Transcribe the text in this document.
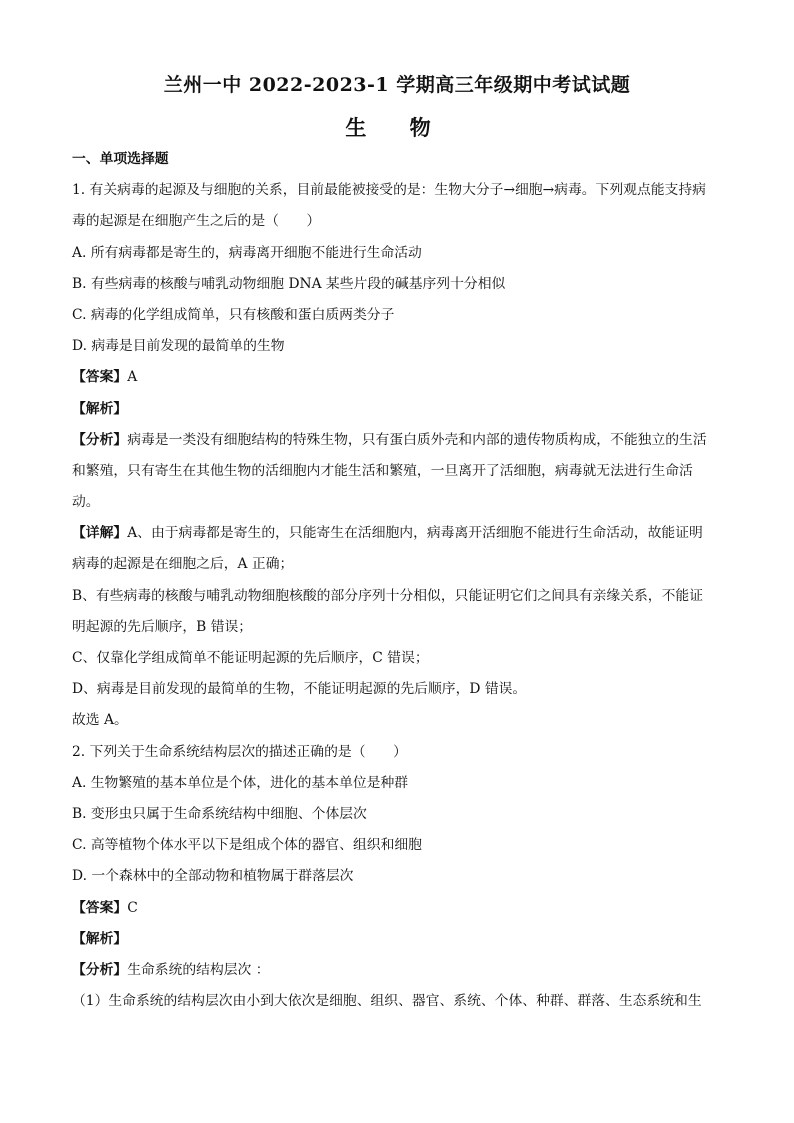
兰州一中 2022-2023-1 学期高三年级期中考试试题
生 物

一、单项选择题

1. 有关病毒的起源及与细胞的关系，目前最能被接受的是：生物大分子→细胞→病毒。下列观点能支持病

毒的起源是在细胞产生之后的是（　　）

A. 所有病毒都是寄生的，病毒离开细胞不能进行生命活动

B. 有些病毒的核酸与哺乳动物细胞 DNA 某些片段的碱基序列十分相似

C. 病毒的化学组成简单，只有核酸和蛋白质两类分子

D. 病毒是目前发现的最简单的生物

【答案】A

【解析】

【分析】病毒是一类没有细胞结构的特殊生物，只有蛋白质外壳和内部的遗传物质构成，不能独立的生活

和繁殖，只有寄生在其他生物的活细胞内才能生活和繁殖，一旦离开了活细胞，病毒就无法进行生命活

动。

【详解】A、由于病毒都是寄生的，只能寄生在活细胞内，病毒离开活细胞不能进行生命活动，故能证明

病毒的起源是在细胞之后，A 正确；

B、有些病毒的核酸与哺乳动物细胞核酸的部分序列十分相似，只能证明它们之间具有亲缘关系，不能证

明起源的先后顺序，B 错误；

C、仅靠化学组成简单不能证明起源的先后顺序，C 错误；

D、病毒是目前发现的最简单的生物，不能证明起源的先后顺序，D 错误。

故选 A。

2. 下列关于生命系统结构层次的描述正确的是（　　）

A. 生物繁殖的基本单位是个体，进化的基本单位是种群

B. 变形虫只属于生命系统结构中细胞、个体层次

C. 高等植物个体水平以下是组成个体的器官、组织和细胞

D. 一个森林中的全部动物和植物属于群落层次

【答案】C

【解析】

【分析】生命系统的结构层次 ：

（1）生命系统的结构层次由小到大依次是细胞、组织、器官、系统、个体、种群、群落、生态系统和生
